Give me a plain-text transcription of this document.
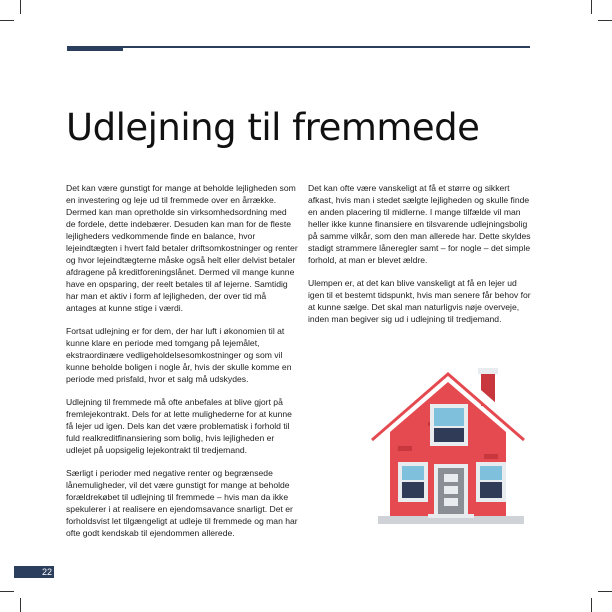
Udlejning til fremmede

Det kan være gunstigt for mange at beholde lejligheden som en investering og leje ud til fremmede over en årrække. Dermed kan man opretholde sin virksomhedsordning med de fordele, dette indebærer. Desuden kan man for de fleste lejligheders vedkommende finde en balance, hvor lejeindtægten i hvert fald betaler driftsomkostninger og renter og hvor lejeindtægterne måske også helt eller delvist betaler afdragene på kreditforeningslånet. Dermed vil mange kunne have en opsparing, der reelt betales til af lejerne. Samtidig har man et aktiv i form af lejligheden, der over tid må antages at kunne stige i værdi.

Fortsat udlejning er for dem, der har luft i økonomien til at kunne klare en periode med tomgang på lejemålet, ekstraordinære vedligeholdelsesomkostninger og som vil kunne beholde boligen i nogle år, hvis der skulle komme en periode med prisfald, hvor et salg må udskydes.

Udlejning til fremmede må ofte anbefales at blive gjort på fremlejekontrakt. Dels for at lette mulighederne for at kunne få lejer ud igen. Dels kan det være problematisk i forhold til fuld realkreditfinansiering som bolig, hvis lejligheden er udlejet på uopsigelig lejekontrakt til tredjemand.

Særligt i perioder med negative renter og begrænsede lånemuligheder, vil det være gunstigt for mange at beholde forældrekøbet til udlejning til fremmede – hvis man da ikke spekulerer i at realisere en ejendomsavance snarligt. Det er forholdsvist let tilgængeligt at udleje til fremmede og man har ofte godt kendskab til ejendommen allerede.

Det kan ofte være vanskeligt at få et større og sikkert afkast, hvis man i stedet sælgte lejligheden og skulle finde en anden placering til midlerne. I mange tilfælde vil man heller ikke kunne finansiere en tilsvarende udlejningsbolig på samme vilkår, som den man allerede har. Dette skyldes stadigt strammere låneregler samt – for nogle – det simple forhold, at man er blevet ældre.

Ulempen er, at det kan blive vanskeligt at få en lejer ud igen til et bestemt tidspunkt, hvis man senere får behov for at kunne sælge. Det skal man naturligvis nøje overveje, inden man begiver sig ud i udlejning til tredjemand.

22
